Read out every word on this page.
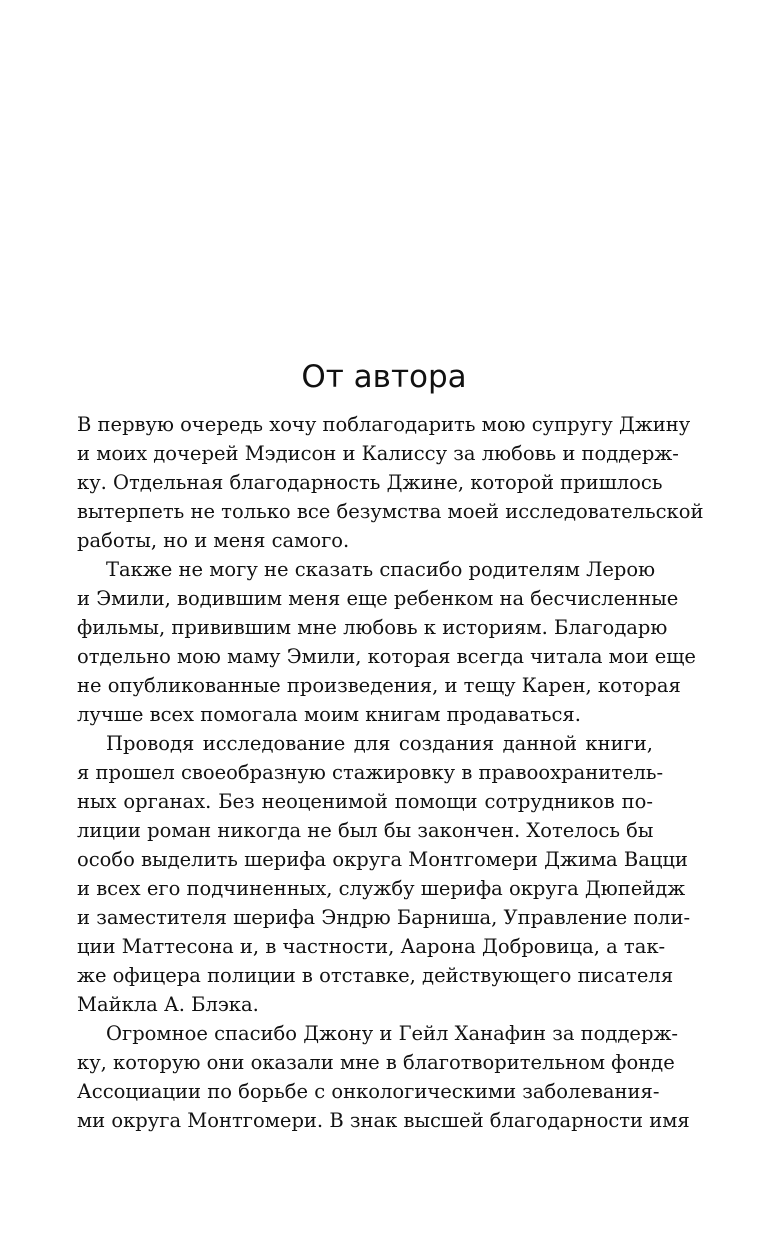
От автора

В первую очередь хочу поблагодарить мою супругу Джину
и моих дочерей Мэдисон и Калиссу за любовь и поддерж-
ку. Отдельная благодарность Джине, которой пришлось
вытерпеть не только все безумства моей исследовательской
работы, но и меня самого.

Также не могу не сказать спасибо родителям Лерою
и Эмили, водившим меня еще ребенком на бесчисленные
фильмы, привившим мне любовь к историям. Благодарю
отдельно мою маму Эмили, которая всегда читала мои еще
не опубликованные произведения, и тещу Карен, которая
лучше всех помогала моим книгам продаваться.

Проводя исследование для создания данной книги,
я прошел своеобразную стажировку в правоохранитель-
ных органах. Без неоценимой помощи сотрудников по-
лиции роман никогда не был бы закончен. Хотелось бы
особо выделить шерифа округа Монтгомери Джима Вацци
и всех его подчиненных, службу шерифа округа Дюпейдж
и заместителя шерифа Эндрю Барниша, Управление поли-
ции Маттесона и, в частности, Аарона Добровица, а так-
же офицера полиции в отставке, действующего писателя
Майкла А. Блэка.

Огромное спасибо Джону и Гейл Ханафин за поддерж-
ку, которую они оказали мне в благотворительном фонде
Ассоциации по борьбе с онкологическими заболевания-
ми округа Монтгомери. В знак высшей благодарности имя
